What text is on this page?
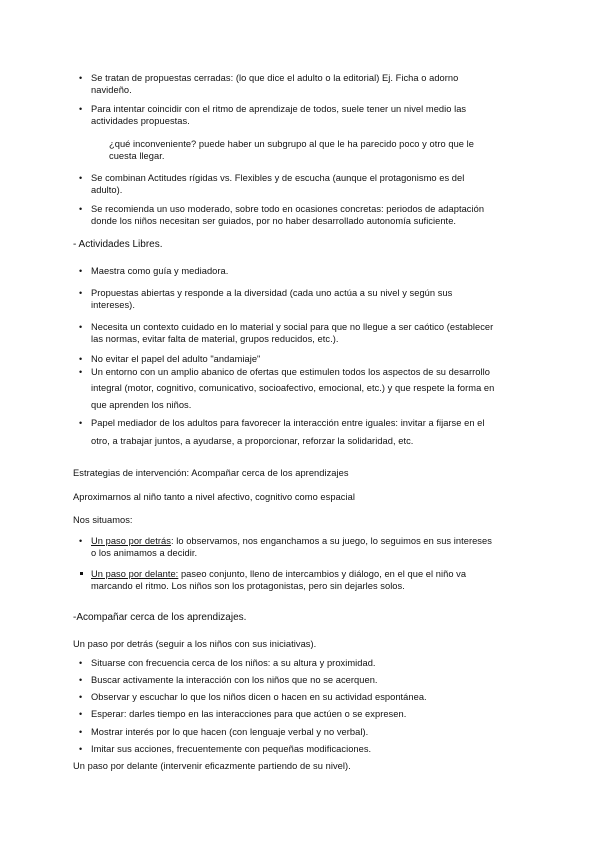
• Se tratan de propuestas cerradas: (lo que dice el adulto o la editorial) Ej. Ficha o adorno
navideño.
• Para intentar coincidir con el ritmo de aprendizaje de todos, suele tener un nivel medio las
actividades propuestas.
¿qué inconveniente? puede haber un subgrupo al que le ha parecido poco y otro que le
cuesta llegar.
• Se combinan Actitudes rígidas vs. Flexibles y de escucha (aunque el protagonismo es del
adulto).
• Se recomienda un uso moderado, sobre todo en ocasiones concretas: periodos de adaptación
donde los niños necesitan ser guiados, por no haber desarrollado autonomía suficiente.
- Actividades Libres.
• Maestra como guía y mediadora.
• Propuestas abiertas y responde a la diversidad (cada uno actúa a su nivel y según sus
intereses).
• Necesita un contexto cuidado en lo material y social para que no llegue a ser caótico (establecer
las normas, evitar falta de material, grupos reducidos, etc.).
• No evitar el papel del adulto "andamiaje"
• Un entorno con un amplio abanico de ofertas que estimulen todos los aspectos de su desarrollo
integral (motor, cognitivo, comunicativo, socioafectivo, emocional, etc.) y que respete la forma en
que aprenden los niños.
• Papel mediador de los adultos para favorecer la interacción entre iguales: invitar a fijarse en el
otro, a trabajar juntos, a ayudarse, a proporcionar, reforzar la solidaridad, etc.
Estrategias de intervención: Acompañar cerca de los aprendizajes
Aproximarnos al niño tanto a nivel afectivo, cognitivo como espacial
Nos situamos:
• Un paso por detrás: lo observamos, nos enganchamos a su juego, lo seguimos en sus intereses
o los animamos a decidir.
Un paso por delante: paseo conjunto, lleno de intercambios y diálogo, en el que el niño va
marcando el ritmo. Los niños son los protagonistas, pero sin dejarles solos.
-Acompañar cerca de los aprendizajes.
Un paso por detrás (seguir a los niños con sus iniciativas).
• Situarse con frecuencia cerca de los niños: a su altura y proximidad.
• Buscar activamente la interacción con los niños que no se acerquen.
• Observar y escuchar lo que los niños dicen o hacen en su actividad espontánea.
• Esperar: darles tiempo en las interacciones para que actúen o se expresen.
• Mostrar interés por lo que hacen (con lenguaje verbal y no verbal).
• Imitar sus acciones, frecuentemente con pequeñas modificaciones.
Un paso por delante (intervenir eficazmente partiendo de su nivel).
